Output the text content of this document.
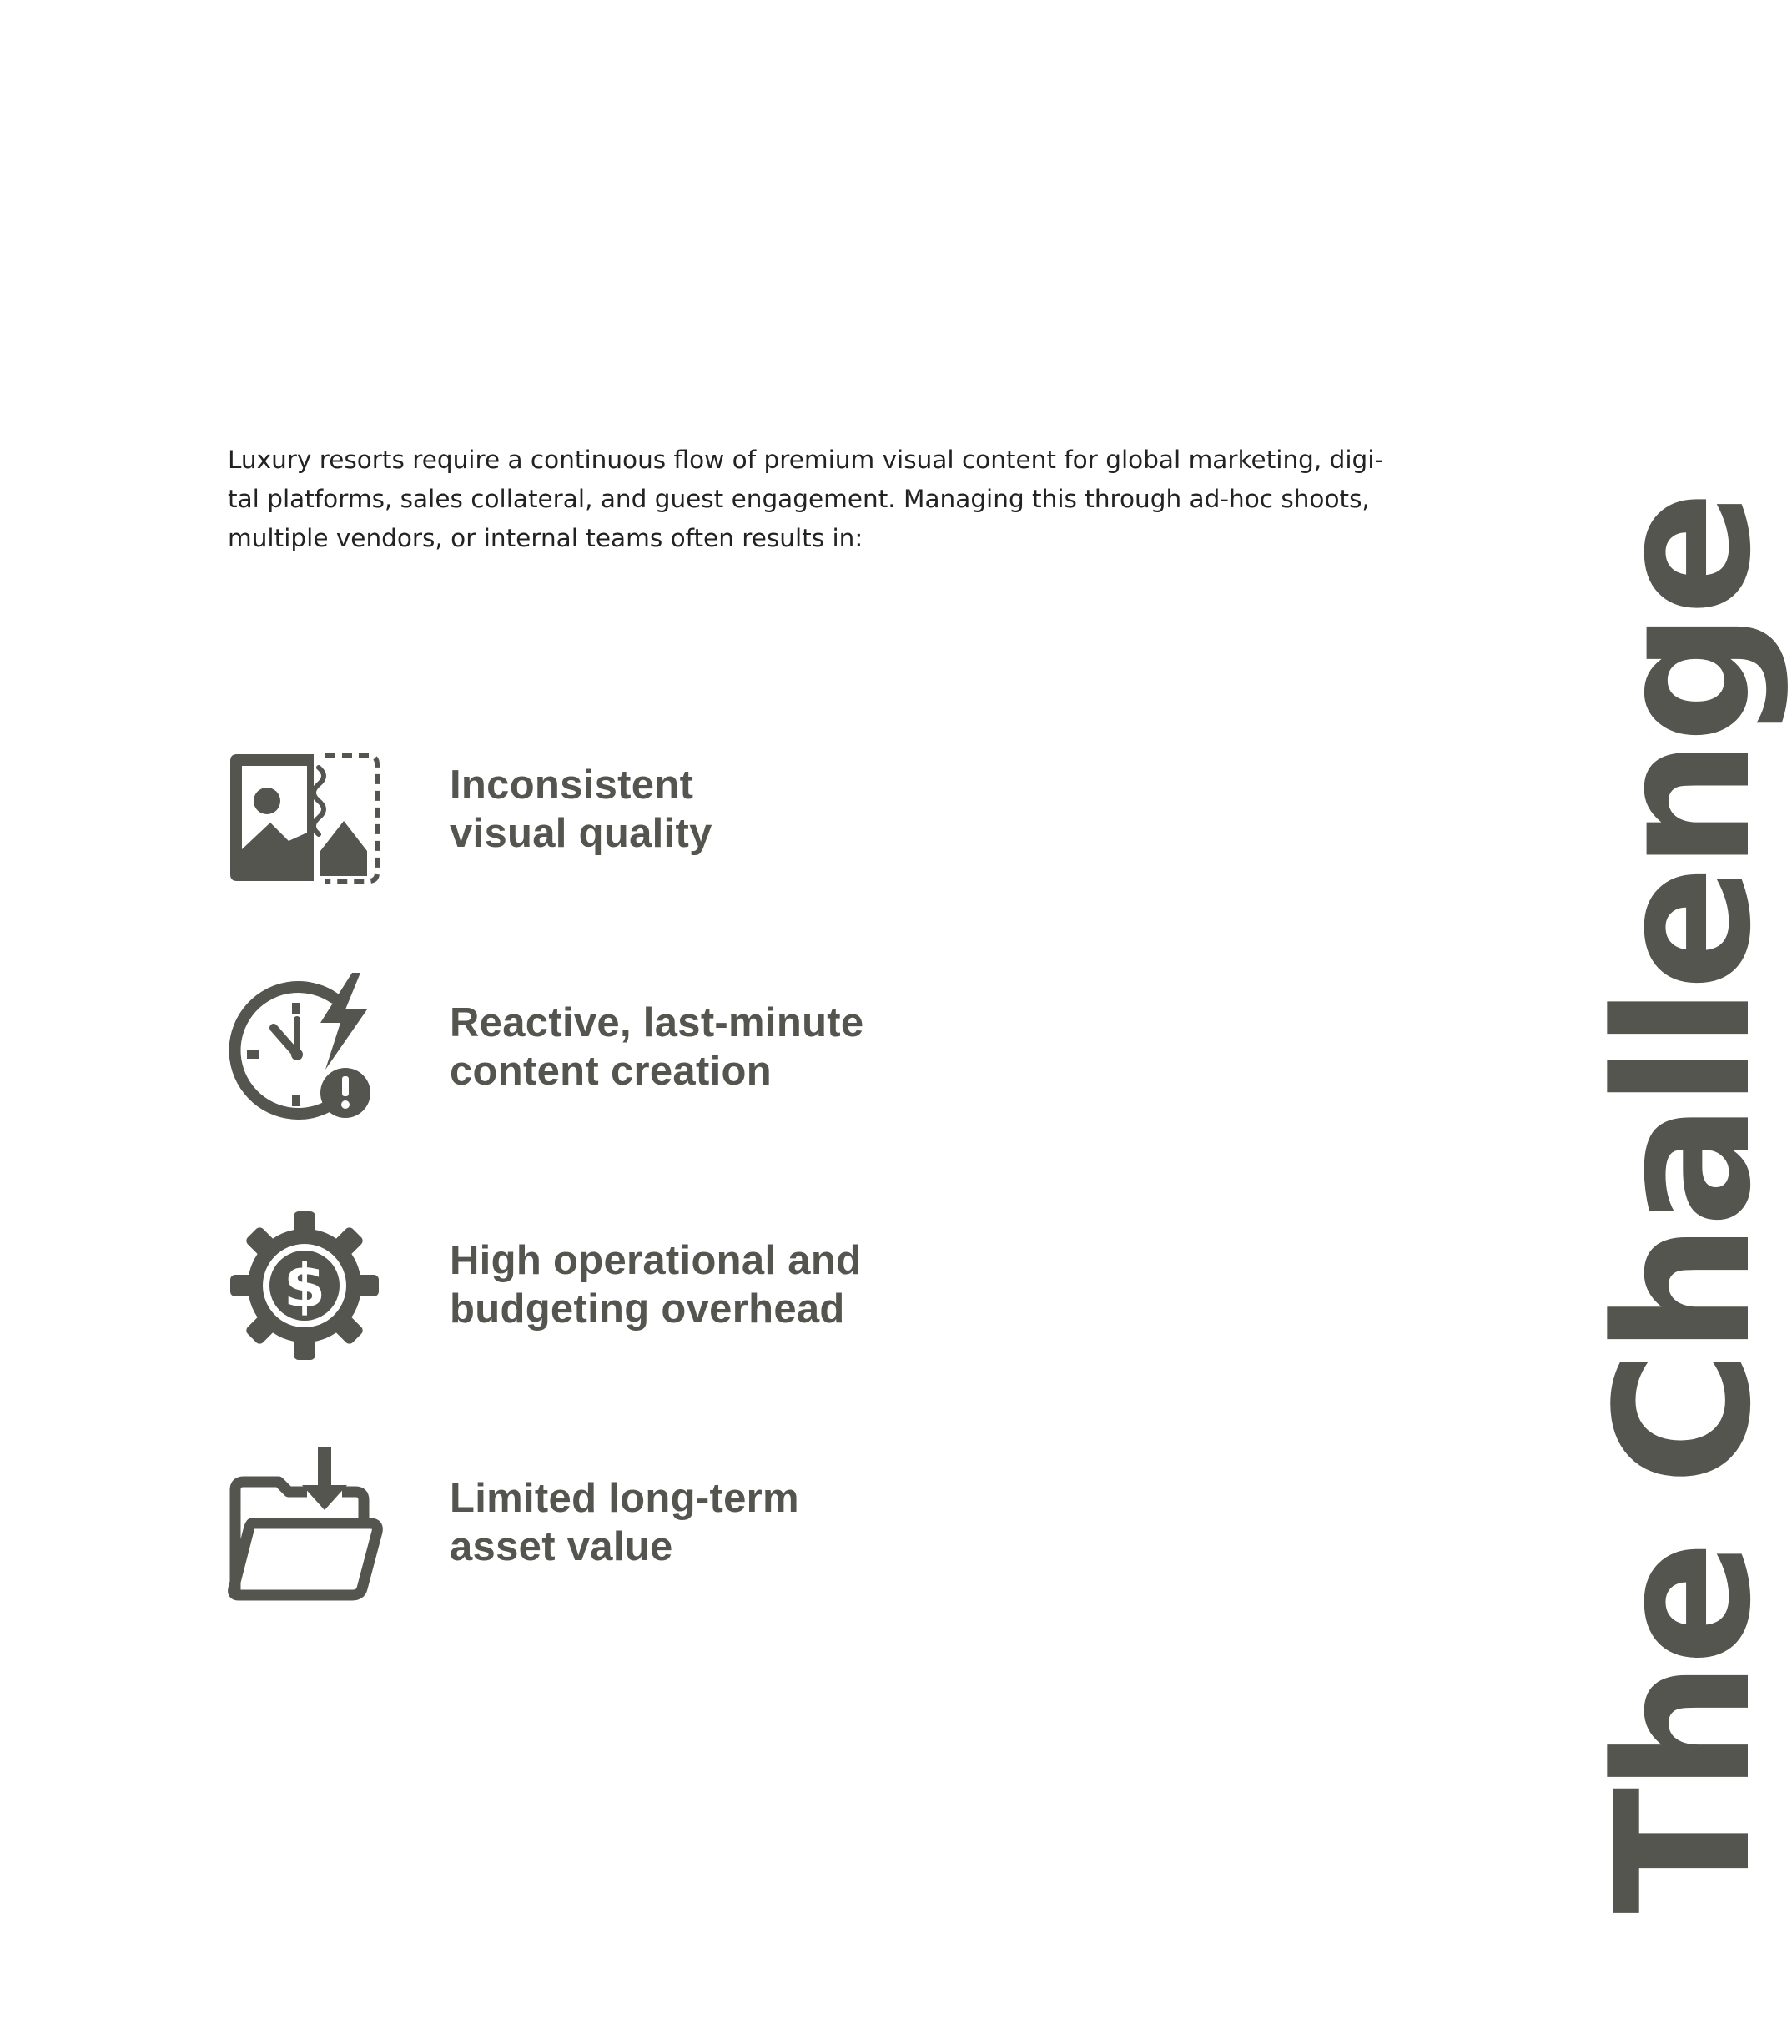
Luxury resorts require a continuous flow of premium visual content for global marketing, digi-
tal platforms, sales collateral, and guest engagement. Managing this through ad-hoc shoots,
multiple vendors, or internal teams often results in:

Inconsistent
visual quality

Reactive, last-minute
content creation

$	High operational and
budgeting overhead

Limited long-term
asset value	The Challenge
